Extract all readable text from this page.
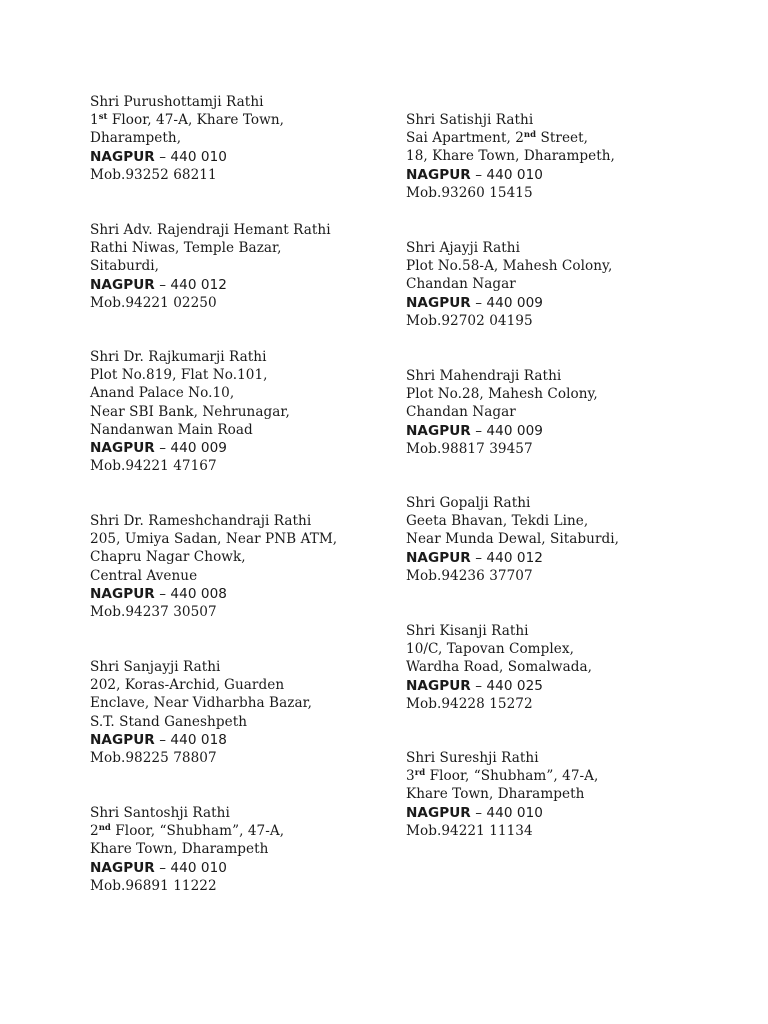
Shri Purushottamji Rathi
1st Floor, 47-A, Khare Town,
Dharampeth,
NAGPUR – 440 010
Mob.93252 68211
Shri Adv. Rajendraji Hemant Rathi
Rathi Niwas, Temple Bazar,
Sitaburdi,
NAGPUR – 440 012
Mob.94221 02250
Shri Dr. Rajkumarji Rathi
Plot No.819, Flat No.101,
Anand Palace No.10,
Near SBI Bank, Nehrunagar,
Nandanwan Main Road
NAGPUR – 440 009
Mob.94221 47167
Shri Dr. Rameshchandraji Rathi
205, Umiya Sadan, Near PNB ATM,
Chapru Nagar Chowk,
Central Avenue
NAGPUR – 440 008
Mob.94237 30507
Shri Sanjayji Rathi
202, Koras-Archid, Guarden
Enclave, Near Vidharbha Bazar,
S.T. Stand Ganeshpeth
NAGPUR – 440 018
Mob.98225 78807
Shri Santoshji Rathi
2nd Floor, “Shubham”, 47-A,
Khare Town, Dharampeth
NAGPUR – 440 010
Mob.96891 11222
Shri Satishji Rathi
Sai Apartment, 2nd Street,
18, Khare Town, Dharampeth,
NAGPUR – 440 010
Mob.93260 15415
Shri Ajayji Rathi
Plot No.58-A, Mahesh Colony,
Chandan Nagar
NAGPUR – 440 009
Mob.92702 04195
Shri Mahendraji Rathi
Plot No.28, Mahesh Colony,
Chandan Nagar
NAGPUR – 440 009
Mob.98817 39457
Shri Gopalji Rathi
Geeta Bhavan, Tekdi Line,
Near Munda Dewal, Sitaburdi,
NAGPUR – 440 012
Mob.94236 37707
Shri Kisanji Rathi
10/C, Tapovan Complex,
Wardha Road, Somalwada,
NAGPUR – 440 025
Mob.94228 15272
Shri Sureshji Rathi
3rd Floor, “Shubham”, 47-A,
Khare Town, Dharampeth
NAGPUR – 440 010
Mob.94221 11134
